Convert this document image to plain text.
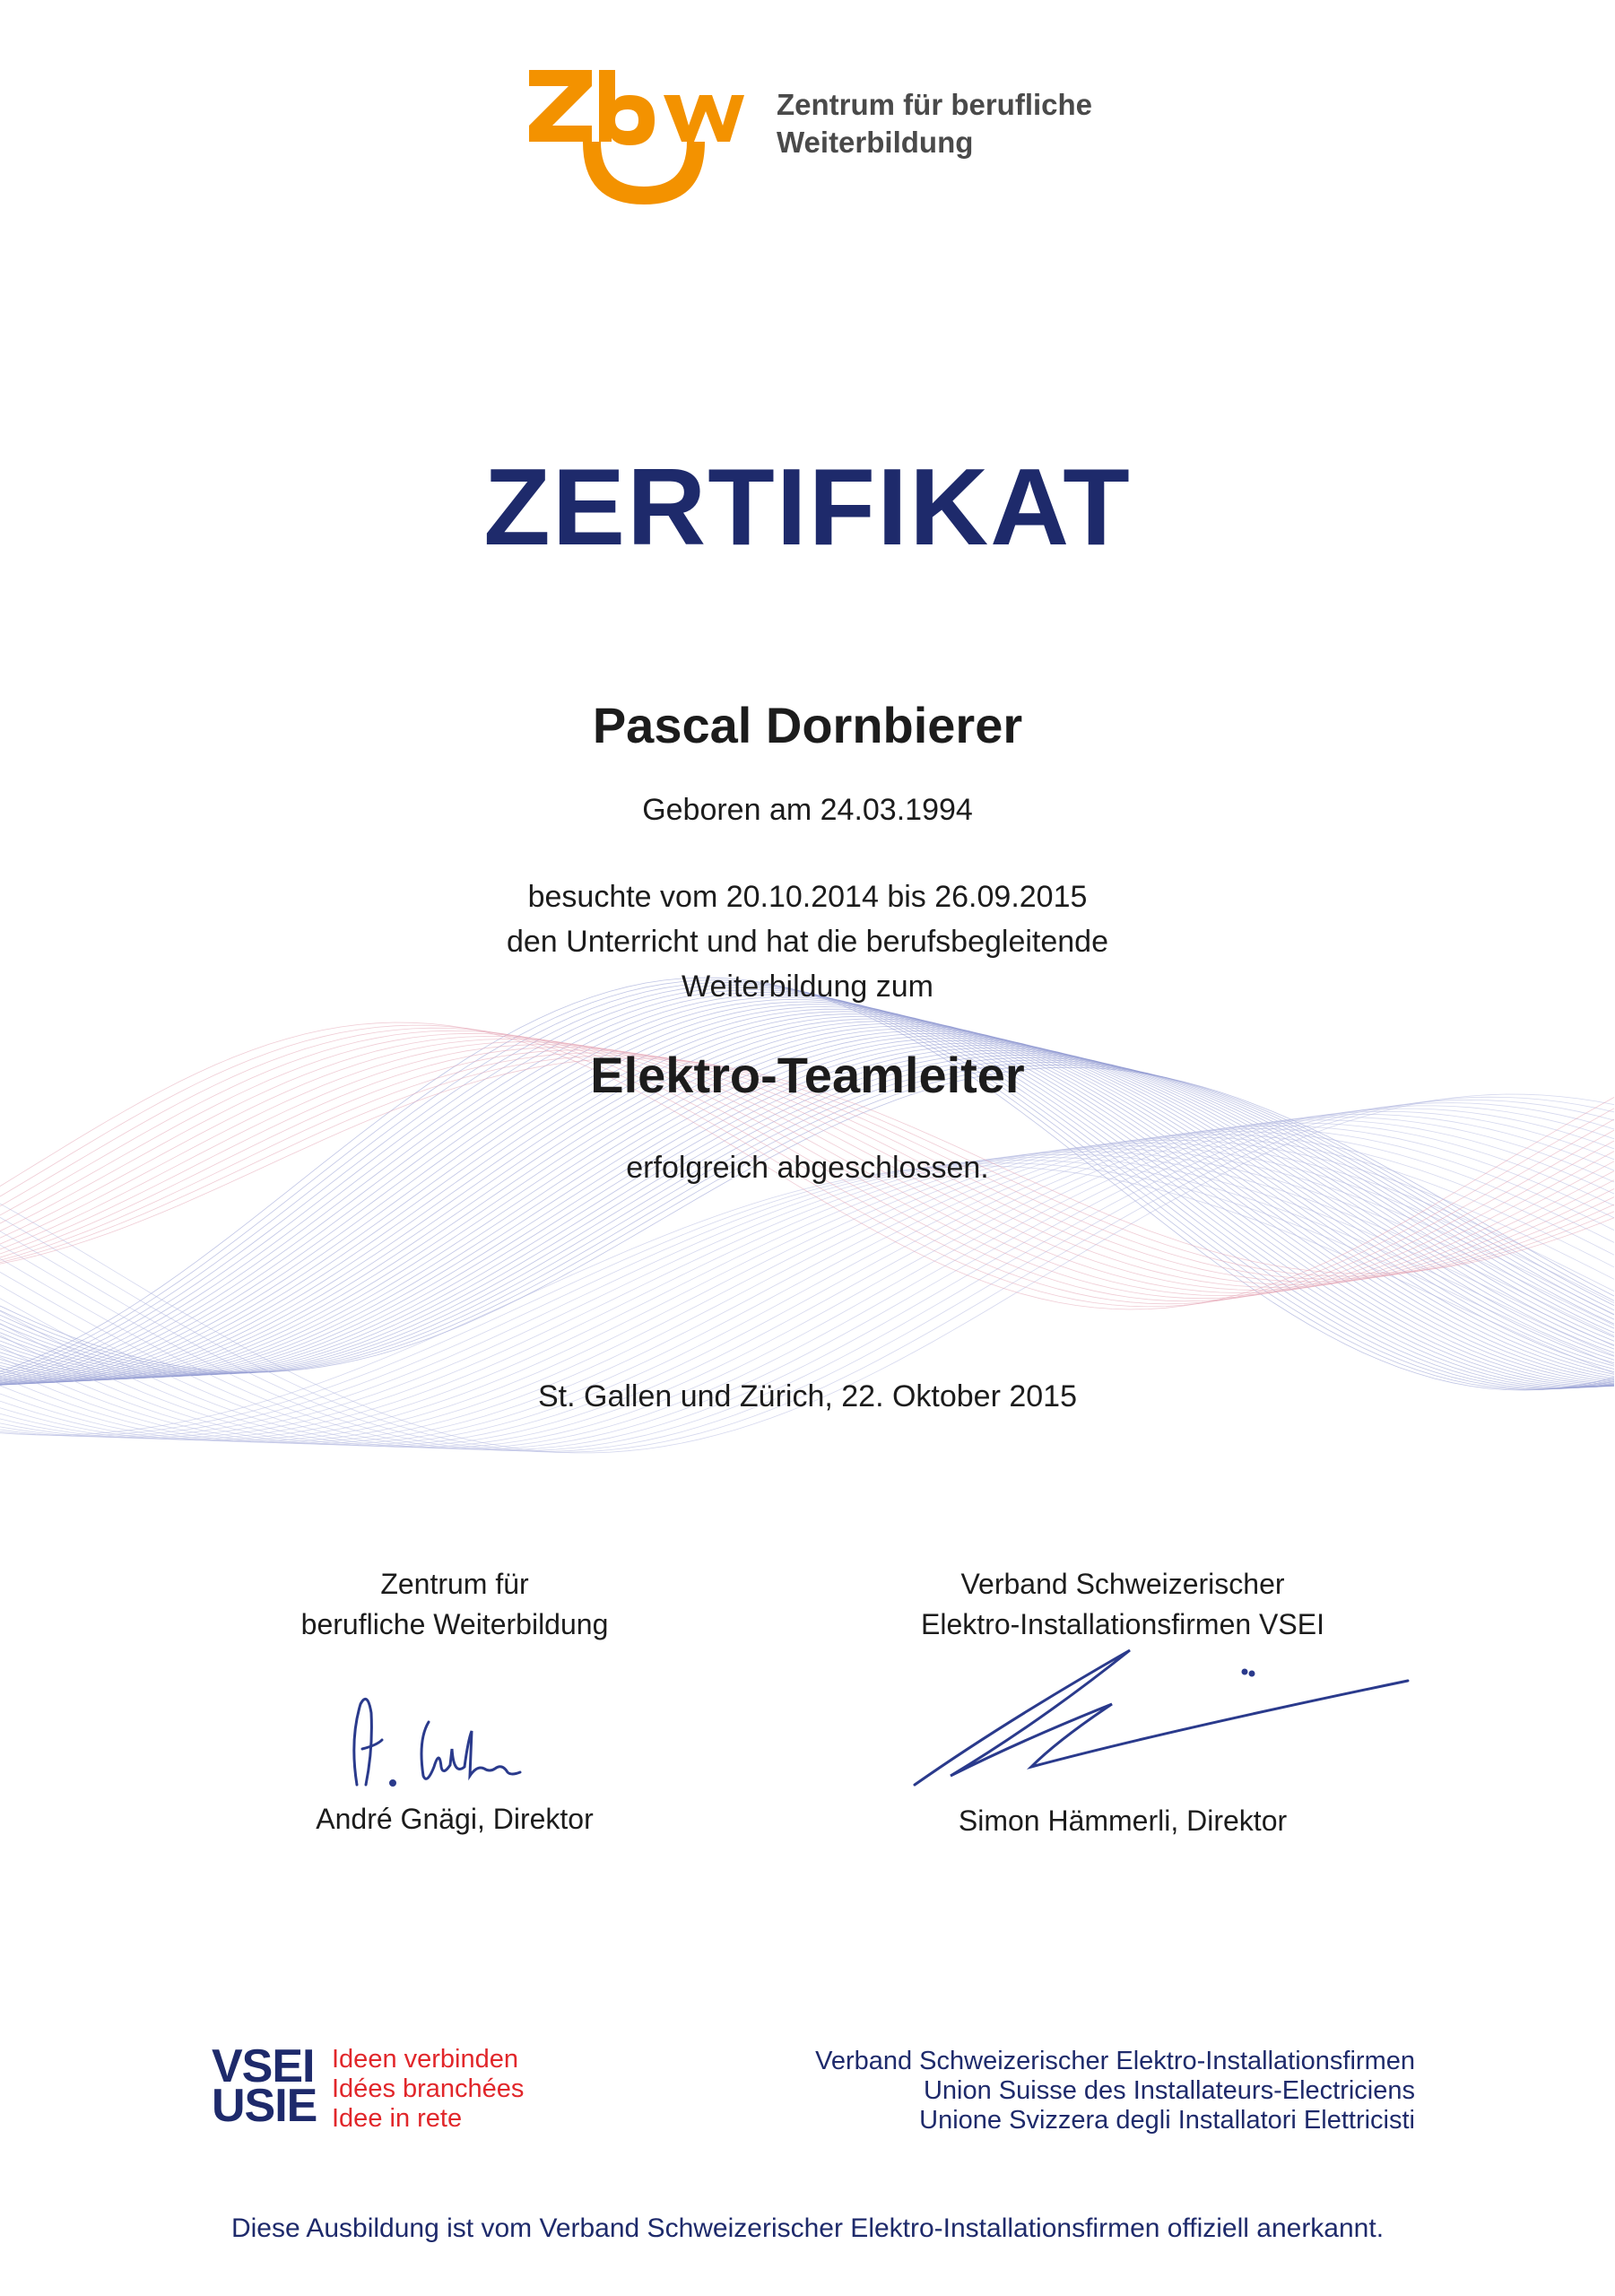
Zentrum für berufliche
Weiterbildung
ZERTIFIKAT
Pascal Dornbierer
Geboren am 24.03.1994
besuchte vom 20.10.2014 bis 26.09.2015
den Unterricht und hat die berufsbegleitende
Weiterbildung zum
Elektro-Teamleiter
erfolgreich abgeschlossen.
St. Gallen und Zürich, 22. Oktober 2015
Zentrum für
berufliche Weiterbildung
André Gnägi, Direktor
Verband Schweizerischer
Elektro-Installationsfirmen VSEI
Simon Hämmerli, Direktor
VSEI
USIE
Ideen verbinden
Idées branchées
Idee in rete
Verband Schweizerischer Elektro-Installationsfirmen
Union Suisse des Installateurs-Electriciens
Unione Svizzera degli Installatori Elettricisti
Diese Ausbildung ist vom Verband Schweizerischer Elektro-Installationsfirmen offiziell anerkannt.
